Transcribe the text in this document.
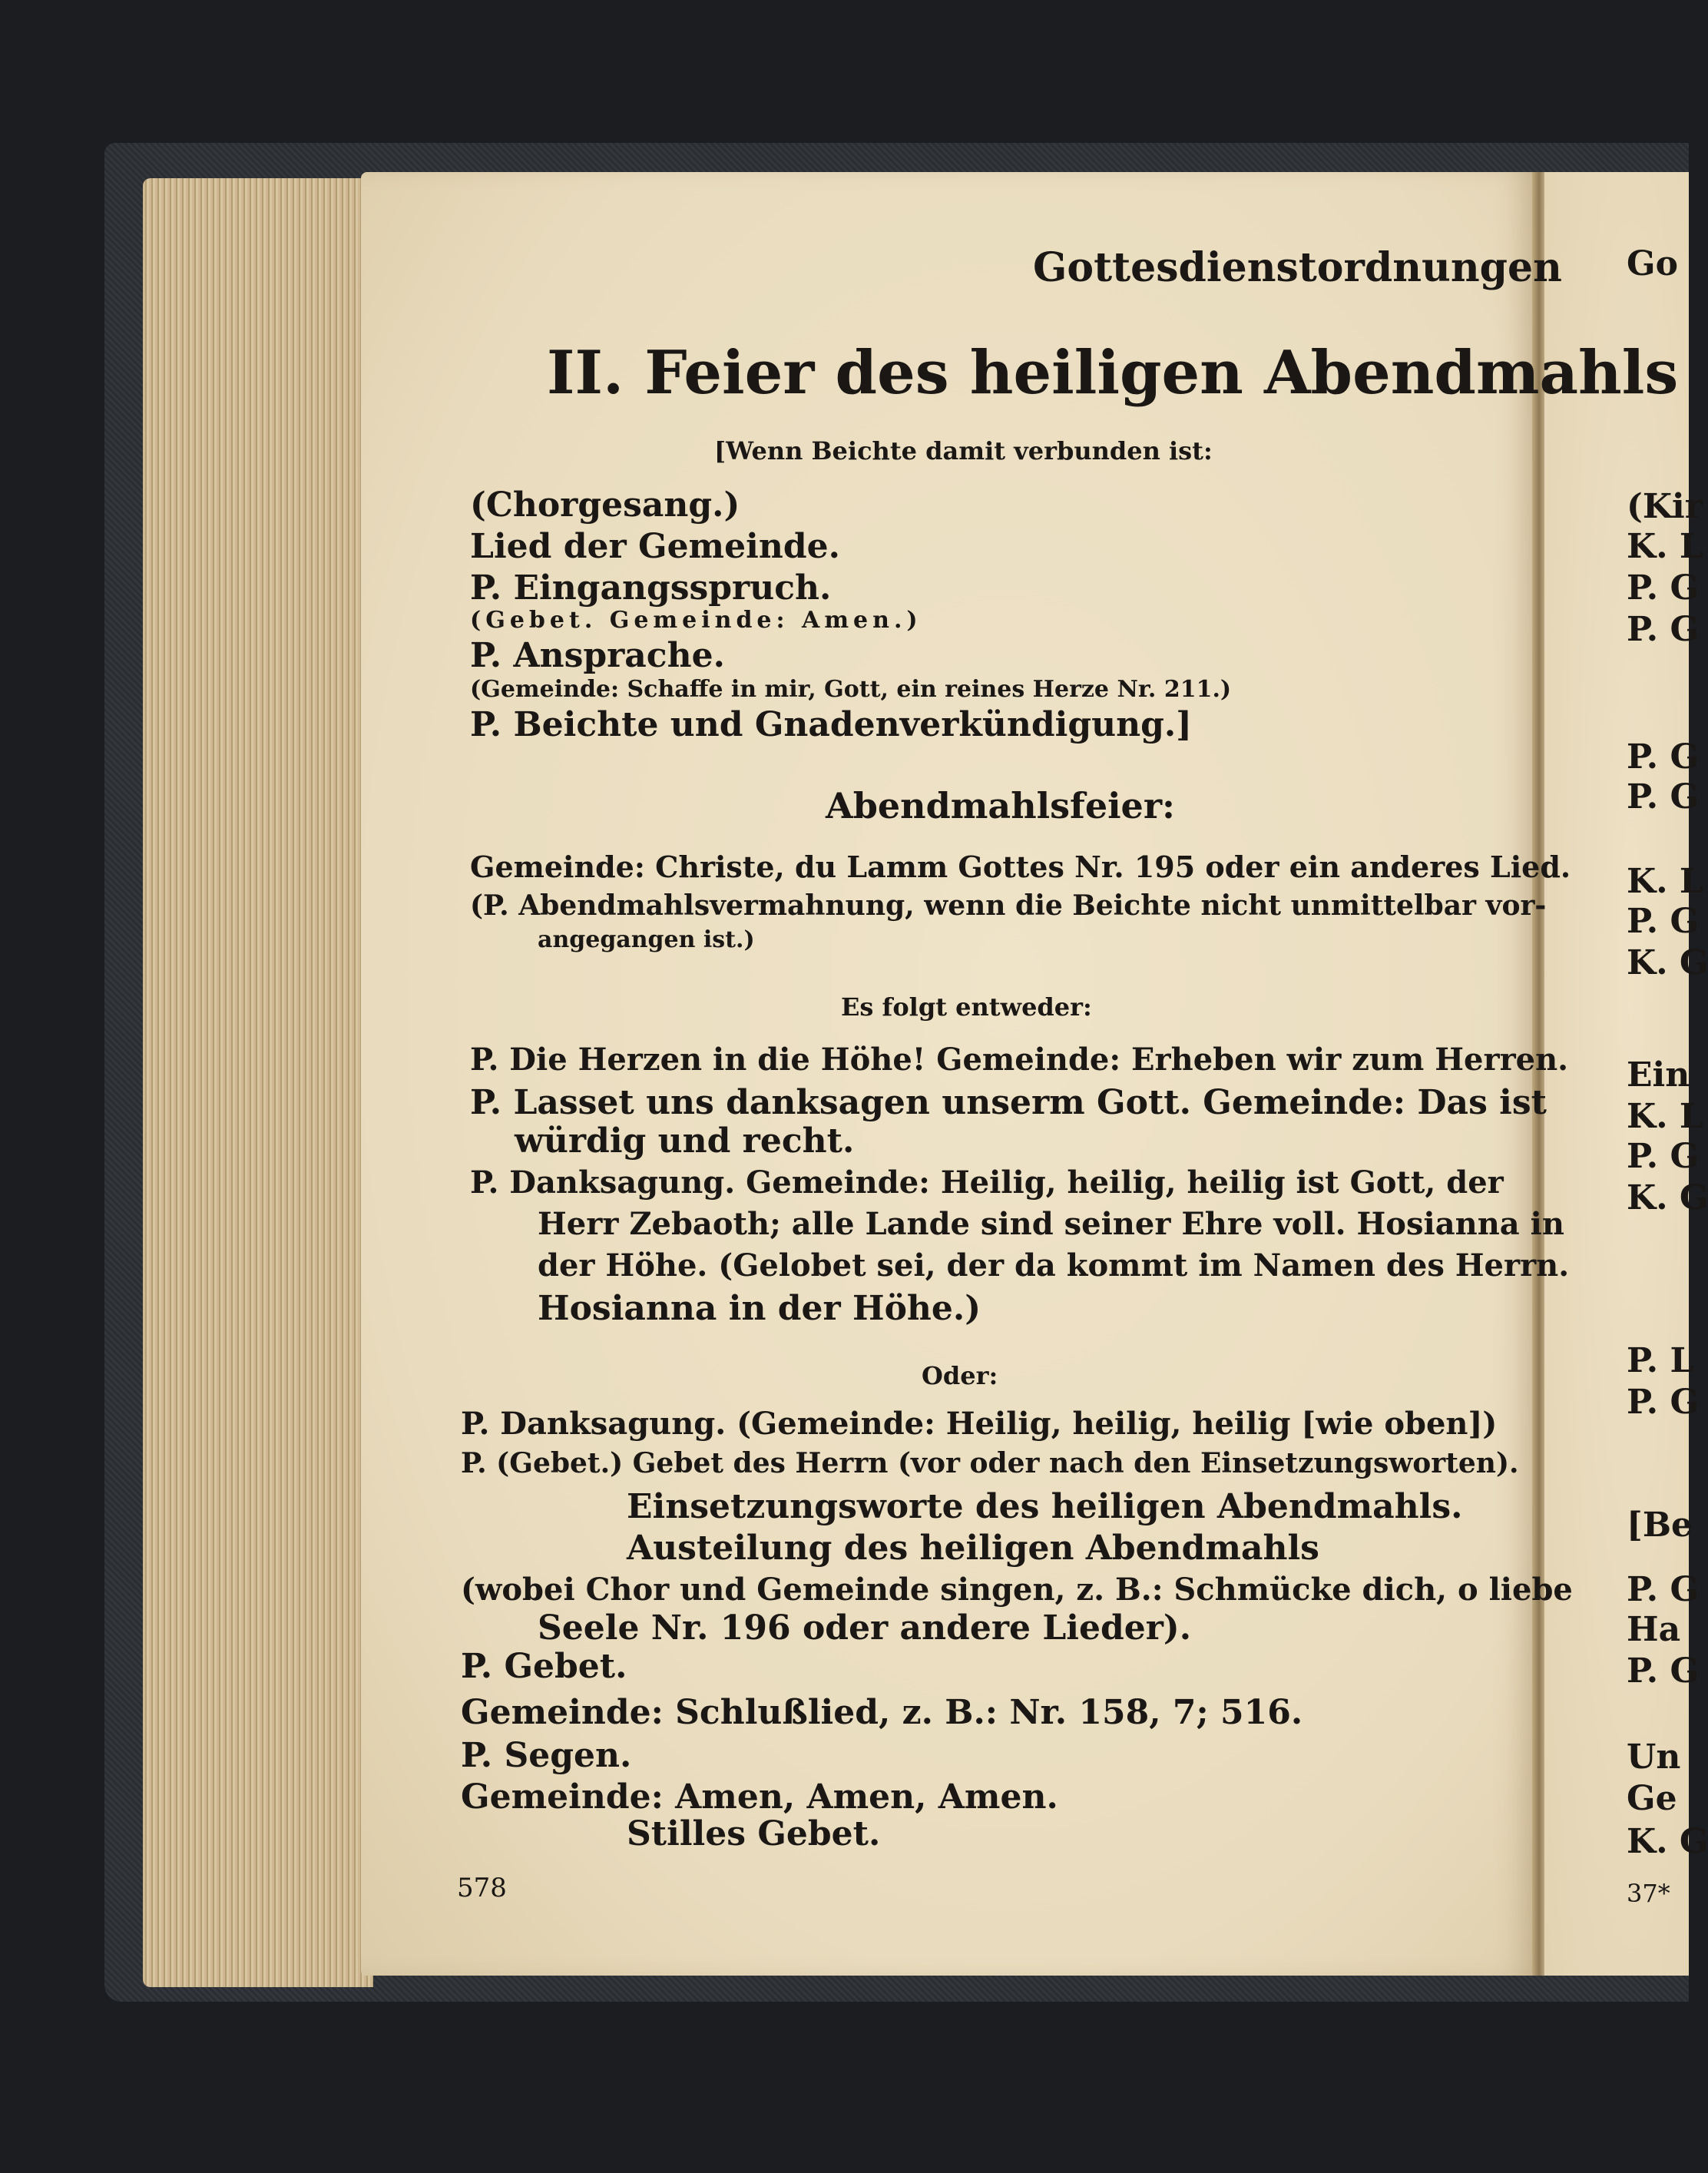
Gottesdienstordnungen
II. Feier des heiligen Abendmahls
[Wenn Beichte damit verbunden ist:
(Chorgesang.)
Lied der Gemeinde.
P. Eingangsspruch.
(Gebet. Gemeinde: Amen.)
P. Ansprache.
(Gemeinde: Schaffe in mir, Gott, ein reines Herze Nr. 211.)
P. Beichte und Gnadenverkündigung.]
Abendmahlsfeier:
Gemeinde: Christe, du Lamm Gottes Nr. 195 oder ein anderes Lied.
(P. Abendmahlsvermahnung, wenn die Beichte nicht unmittelbar vor-
angegangen ist.)
Es folgt entweder:
P. Die Herzen in die Höhe! Gemeinde: Erheben wir zum Herren.
P. Lasset uns danksagen unserm Gott. Gemeinde: Das ist
würdig und recht.
P. Danksagung. Gemeinde: Heilig, heilig, heilig ist Gott, der
Herr Zebaoth; alle Lande sind seiner Ehre voll. Hosianna in
der Höhe. (Gelobet sei, der da kommt im Namen des Herrn.
Hosianna in der Höhe.)
Oder:
P. Danksagung. (Gemeinde: Heilig, heilig, heilig [wie oben])
P. (Gebet.) Gebet des Herrn (vor oder nach den Einsetzungsworten).
Einsetzungsworte des heiligen Abendmahls.
Austeilung des heiligen Abendmahls
(wobei Chor und Gemeinde singen, z. B.: Schmücke dich, o liebe
Seele Nr. 196 oder andere Lieder).
P. Gebet.
Gemeinde: Schlußlied, z. B.: Nr. 158, 7; 516.
P. Segen.
Gemeinde: Amen, Amen, Amen.
Stilles Gebet.
578
Go
(Kir
K. L
P. G
P. G
P. G
P. G
K. L
P. G
K. G
Ein
K. L
P. G
K. G
P. L
P. G
[Be
P. G
Ha
P. G
Un
Ge
K. G
37*
